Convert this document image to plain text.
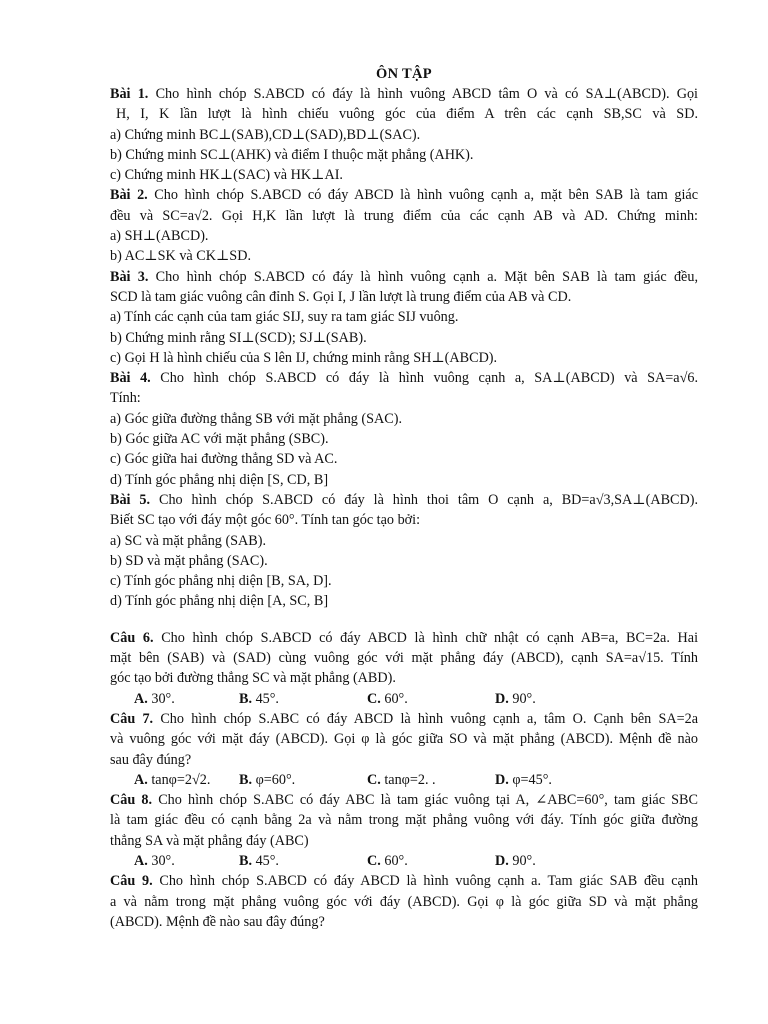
ÔN TẬP
Bài 1. Cho hình chóp S.ABCD có đáy là hình vuông ABCD tâm O và có SA⊥(ABCD). Gọi
H, I, K lần lượt là hình chiếu vuông góc của điểm A trên các cạnh SB,SC và SD.
a) Chứng minh BC⊥(SAB),CD⊥(SAD),BD⊥(SAC).
b) Chứng minh SC⊥(AHK) và điểm I thuộc mặt phẳng (AHK).
c) Chứng minh HK⊥(SAC) và HK⊥AI.
Bài 2. Cho hình chóp S.ABCD có đáy ABCD là hình vuông cạnh a, mặt bên SAB là tam giác
đều và SC=a√2. Gọi H,K lần lượt là trung điểm của các cạnh AB và AD. Chứng minh:
a) SH⊥(ABCD).
b) AC⊥SK và CK⊥SD.
Bài 3. Cho hình chóp S.ABCD có đáy là hình vuông cạnh a. Mặt bên SAB là tam giác đều,
SCD là tam giác vuông cân đỉnh S. Gọi I, J lần lượt là trung điểm của AB và CD.
a) Tính các cạnh của tam giác SIJ, suy ra tam giác SIJ vuông.
b) Chứng minh rằng SI⊥(SCD); SJ⊥(SAB).
c) Gọi H là hình chiếu của S lên IJ, chứng minh rằng SH⊥(ABCD).
Bài 4. Cho hình chóp S.ABCD có đáy là hình vuông cạnh a, SA⊥(ABCD) và SA=a√6.
Tính:
a) Góc giữa đường thẳng SB với mặt phẳng (SAC).
b) Góc giữa AC với mặt phẳng (SBC).
c) Góc giữa hai đường thẳng SD và AC.
d) Tính góc phẳng nhị diện [S, CD, B]
Bài 5. Cho hình chóp S.ABCD có đáy là hình thoi tâm O cạnh a, BD=a√3,SA⊥(ABCD).
Biết SC tạo với đáy một góc 60°. Tính tan góc tạo bởi:
a) SC và mặt phẳng (SAB).
b) SD và mặt phẳng (SAC).
c) Tính góc phẳng nhị diện [B, SA, D].
d) Tính góc phẳng nhị diện [A, SC, B]
Câu 6. Cho hình chóp S.ABCD có đáy ABCD là hình chữ nhật có cạnh AB=a, BC=2a. Hai
mặt bên (SAB) và (SAD) cùng vuông góc với mặt phẳng đáy (ABCD), cạnh SA=a√15. Tính
góc tạo bởi đường thẳng SC và mặt phẳng (ABD).
A. 30°.	B. 45°.	C. 60°.	D. 90°.
Câu 7. Cho hình chóp S.ABC có đáy ABCD là hình vuông cạnh a, tâm O. Cạnh bên SA=2a
và vuông góc với mặt đáy (ABCD). Gọi φ là góc giữa SO và mặt phẳng (ABCD). Mệnh đề nào
sau đây đúng?
A. tanφ=2√2.	B. φ=60°.	C. tanφ=2. .	D. φ=45°.
Câu 8. Cho hình chóp S.ABC có đáy ABC là tam giác vuông tại A, ∠ABC=60°, tam giác SBC
là tam giác đều có cạnh bằng 2a và nằm trong mặt phẳng vuông với đáy. Tính góc giữa đường
thẳng SA và mặt phẳng đáy (ABC)
A. 30°.	B. 45°.	C. 60°.	D. 90°.
Câu 9. Cho hình chóp S.ABCD có đáy ABCD là hình vuông cạnh a. Tam giác SAB đều cạnh
a và nằm trong mặt phẳng vuông góc với đáy (ABCD). Gọi φ là góc giữa SD và mặt phẳng
(ABCD). Mệnh đề nào sau đây đúng?
